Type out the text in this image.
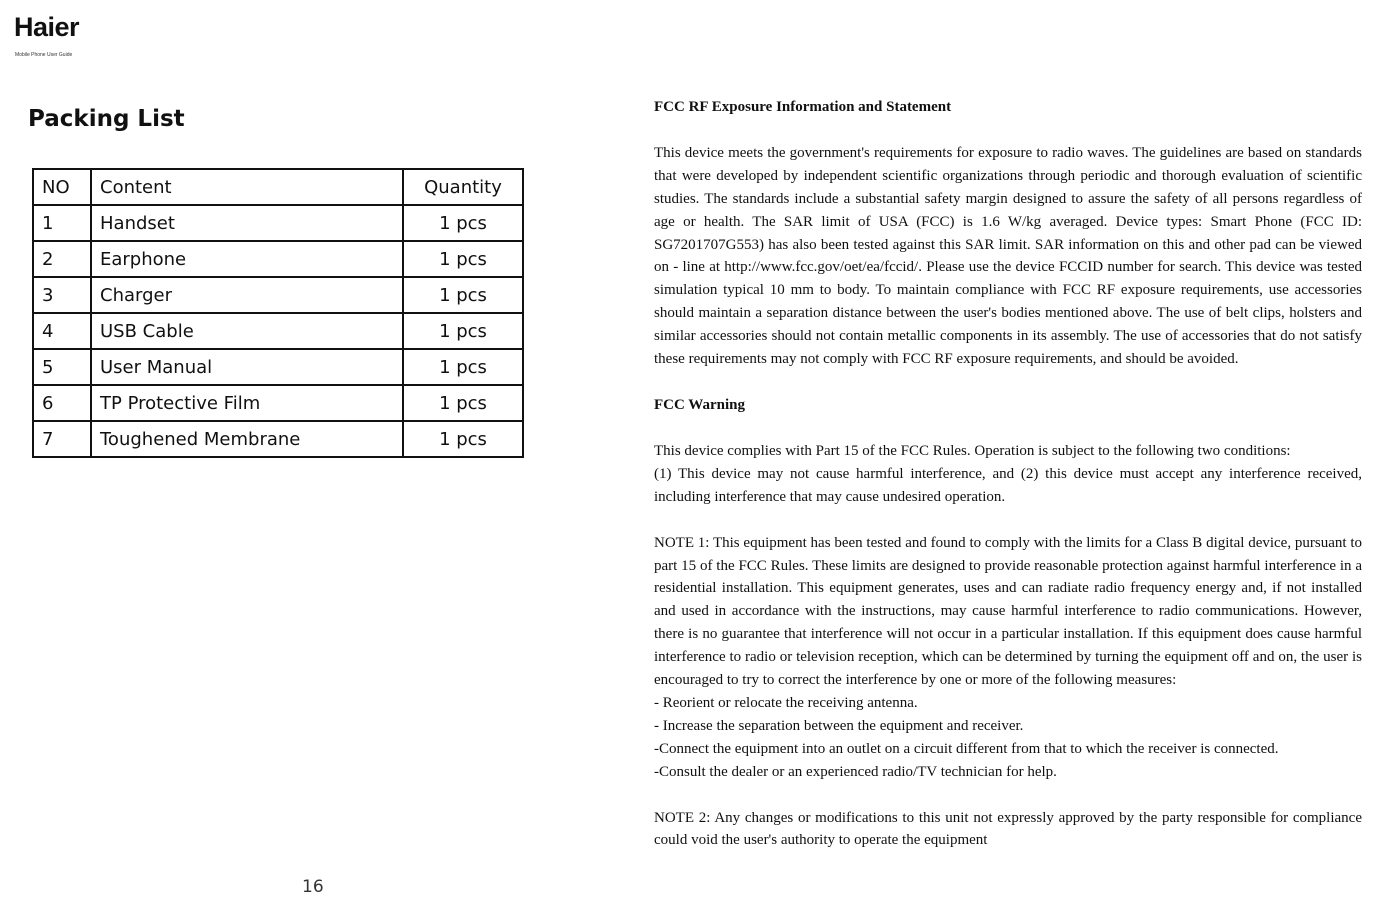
Haier
Mobile Phone User Guide
Packing List
NO	Content	Quantity
1	Handset	1 pcs
2	Earphone	1 pcs
3	Charger	1 pcs
4	USB Cable	1 pcs
5	User Manual	1 pcs
6	TP Protective Film	1 pcs
7	Toughened Membrane	1 pcs
16
FCC RF Exposure Information and Statement

This device meets the government's requirements for exposure to radio waves. The guidelines are based on standards that were developed by independent scientific organizations through periodic and thorough evaluation of scientific studies. The standards include a substantial safety margin designed to assure the safety of all persons regardless of age or health. The SAR limit of USA (FCC) is 1.6 W/kg averaged. Device types: Smart Phone (FCC ID: SG7201707G553) has also been tested against this SAR limit. SAR information on this and other pad can be viewed on - line at http://www.fcc.gov/oet/ea/fccid/. Please use the device FCCID number for search. This device was tested simulation typical 10 mm to body. To maintain compliance with FCC RF exposure requirements, use accessories should maintain a separation distance between the user's bodies mentioned above. The use of belt clips, holsters and similar accessories should not contain metallic components in its assembly. The use of accessories that do not satisfy these requirements may not comply with FCC RF exposure requirements, and should be avoided.

FCC Warning

This device complies with Part 15 of the FCC Rules. Operation is subject to the following two conditions:

(1) This device may not cause harmful interference, and (2) this device must accept any interference received, including interference that may cause undesired operation.

NOTE 1: This equipment has been tested and found to comply with the limits for a Class B digital device, pursuant to part 15 of the FCC Rules. These limits are designed to provide reasonable protection against harmful interference in a residential installation. This equipment generates, uses and can radiate radio frequency energy and, if not installed and used in accordance with the instructions, may cause harmful interference to radio communications. However, there is no guarantee that interference will not occur in a particular installation. If this equipment does cause harmful interference to radio or television reception, which can be determined by turning the equipment off and on, the user is encouraged to try to correct the interference by one or more of the following measures:

- Reorient or relocate the receiving antenna.
- Increase the separation between the equipment and receiver.
-Connect the equipment into an outlet on a circuit different from that to which the receiver is connected.
-Consult the dealer or an experienced radio/TV technician for help.

NOTE 2: Any changes or modifications to this unit not expressly approved by the party responsible for compliance could void the user's authority to operate the equipment
